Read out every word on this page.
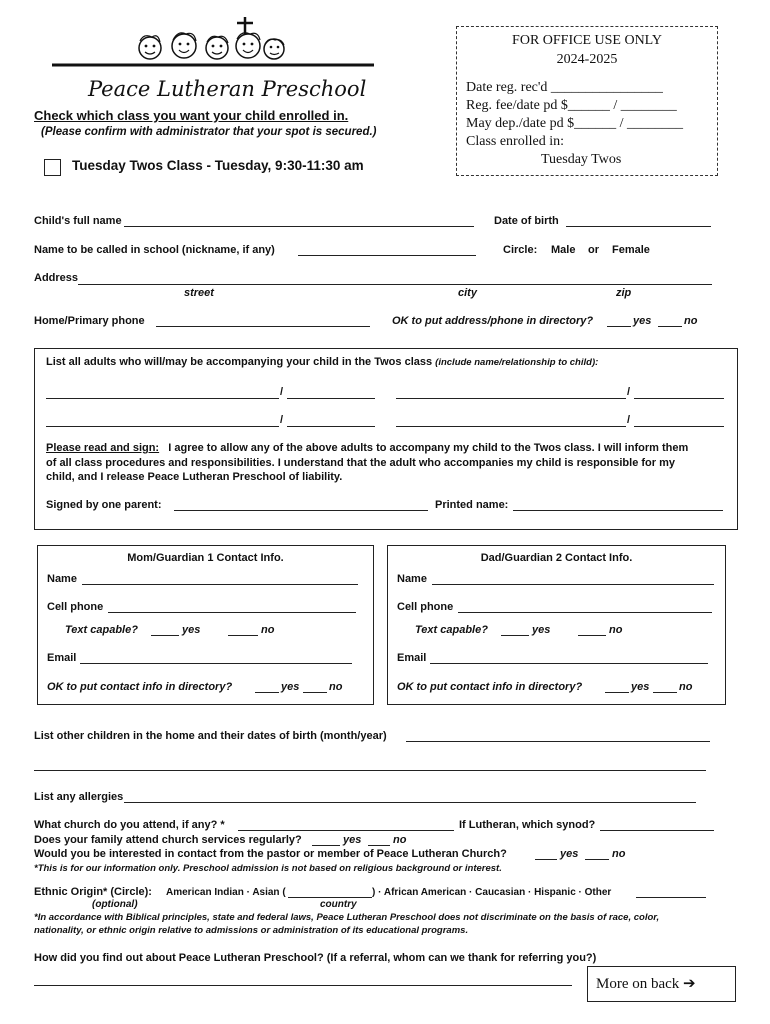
Peace Lutheran Preschool
Check which class you want your child enrolled in.
(Please confirm with administrator that your spot is secured.)
Tuesday Twos Class - Tuesday, 9:30-11:30 am
FOR OFFICE USE ONLY
2024-2025
Date reg. rec'd ________________
Reg. fee/date pd $______ / ________
May dep./date pd $______ / ________
Class enrolled in:
Tuesday Twos
Child's full name	Date of birth
Name to be called in school (nickname, if any)	Circle: Male or Female
Address
street	city	zip
Home/Primary phone	OK to put address/phone in directory?	yes	no
List all adults who will/may be accompanying your child in the Twos class (include name/relationship to child):
/	/
/	/
Please read and sign: I agree to allow any of the above adults to accompany my child to the Twos class. I will inform them
of all class procedures and responsibilities. I understand that the adult who accompanies my child is responsible for my
child, and I release Peace Lutheran Preschool of liability.
Signed by one parent:	Printed name:
Mom/Guardian 1 Contact Info.
Name
Cell phone
Text capable?	yes	no
Email
OK to put contact info in directory?	yes	no
Dad/Guardian 2 Contact Info.
Name
Cell phone
Text capable?	yes	no
Email
OK to put contact info in directory?	yes	no
List other children in the home and their dates of birth (month/year)
List any allergies
What church do you attend, if any? *	If Lutheran, which synod?
Does your family attend church services regularly?	yes	no
Would you be interested in contact from the pastor or member of Peace Lutheran Church?	yes	no
*This is for our information only. Preschool admission is not based on religious background or interest.
Ethnic Origin* (Circle): American Indian · Asian (	) · African American · Caucasian · Hispanic · Other
(optional)	country
*In accordance with Biblical principles, state and federal laws, Peace Lutheran Preschool does not discriminate on the basis of race, color,
nationality, or ethnic origin relative to admissions or administration of its educational programs.
How did you find out about Peace Lutheran Preschool? (If a referral, whom can we thank for referring you?)
More on back ➔
